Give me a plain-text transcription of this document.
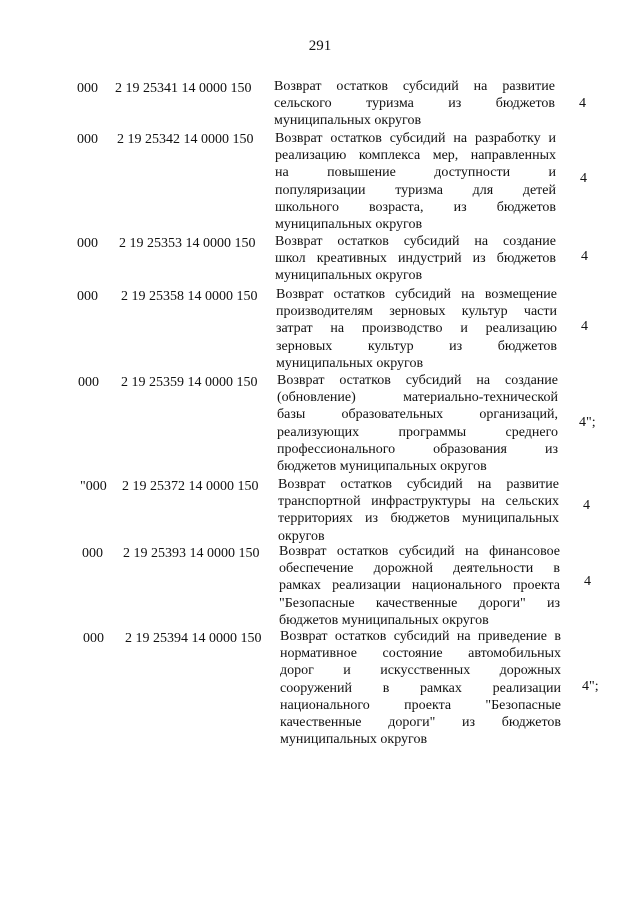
291
000 2 19 25341 14 0000 150 Возврат остатков субсидий на развитие
сельского туризма из бюджетов
муниципальных округов
4
000 2 19 25342 14 0000 150 Возврат остатков субсидий на разработку и
реализацию комплекса мер, направленных
на повышение доступности и
популяризации туризма для детей
школьного возраста, из бюджетов
муниципальных округов
4
000 2 19 25353 14 0000 150 Возврат остатков субсидий на создание
школ креативных индустрий из бюджетов
муниципальных округов
4
000 2 19 25358 14 0000 150 Возврат остатков субсидий на возмещение
производителям зерновых культур части
затрат на производство и реализацию
зерновых культур из бюджетов
муниципальных округов
4
000 2 19 25359 14 0000 150 Возврат остатков субсидий на создание
(обновление) материально-технической
базы образовательных организаций,
реализующих программы среднего
профессионального образования из
бюджетов муниципальных округов
4";
"000 2 19 25372 14 0000 150 Возврат остатков субсидий на развитие
транспортной инфраструктуры на сельских
территориях из бюджетов муниципальных
округов
4
000 2 19 25393 14 0000 150 Возврат остатков субсидий на финансовое
обеспечение дорожной деятельности в
рамках реализации национального проекта
"Безопасные качественные дороги" из
бюджетов муниципальных округов
4
000 2 19 25394 14 0000 150 Возврат остатков субсидий на приведение в
нормативное состояние автомобильных
дорог и искусственных дорожных
сооружений в рамках реализации
национального проекта "Безопасные
качественные дороги" из бюджетов
муниципальных округов
4";
